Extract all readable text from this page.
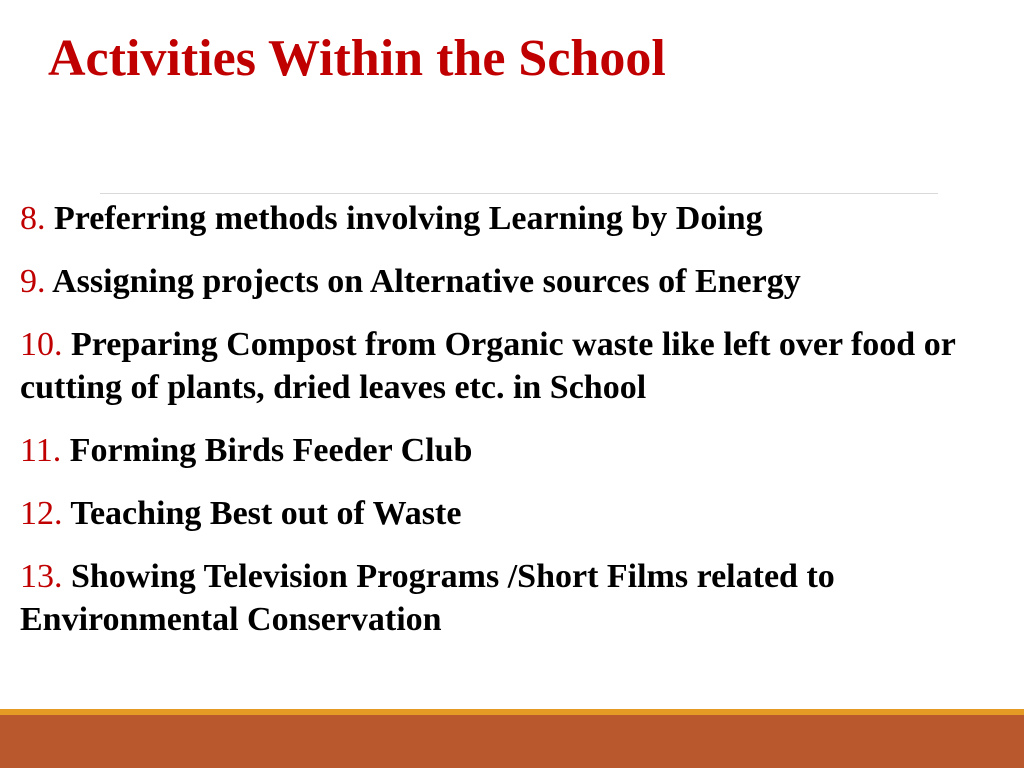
Activities Within the School
8. Preferring methods involving Learning by Doing
9. Assigning projects on Alternative sources of Energy
10. Preparing Compost from Organic waste like left over food or cutting of plants, dried leaves etc. in School
11. Forming Birds Feeder Club
12. Teaching Best out of Waste
13. Showing Television Programs /Short Films related to Environmental Conservation
